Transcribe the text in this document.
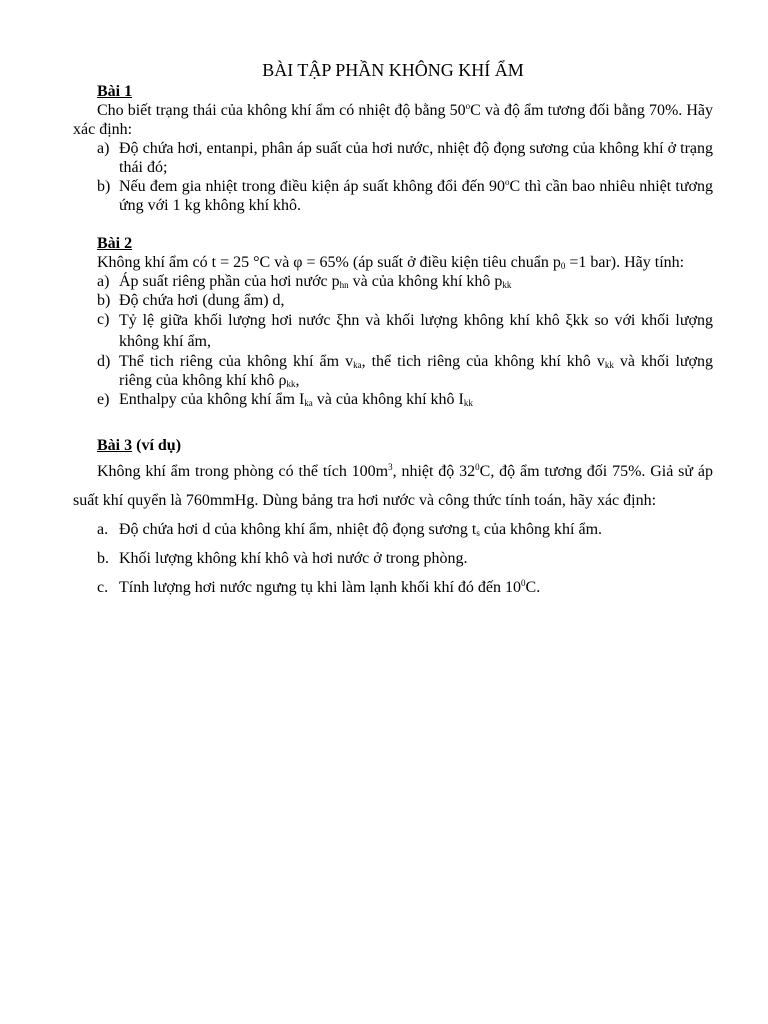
BÀI TẬP PHẦN KHÔNG KHÍ ẨM
Bài 1
Cho biết trạng thái của không khí ẩm có nhiệt độ bằng 50$^o$C và độ ẩm tương đối bằng 70%. Hãy xác định:
a) Độ chứa hơi, entanpi, phân áp suất của hơi nước, nhiệt độ đọng sương của không khí ở trạng thái đó;
b) Nếu đem gia nhiệt trong điều kiện áp suất không đổi đến 90$^o$C thì cần bao nhiêu nhiệt tương ứng với 1 kg không khí khô.
Bài 2
Không khí ẩm có t = 25 °C và φ = 65% (áp suất ở điều kiện tiêu chuẩn $p_0 =1$ bar). Hãy tính:
a) Áp suất riêng phần của hơi nước $p_{hn}$ và của không khí khô $p_{kk}$
b) Độ chứa hơi (dung ẩm) d,
c) Tỷ lệ giữa khối lượng hơi nước ξhn và khối lượng không khí khô ξkk so với khối lượng không khí ẩm,
d) Thể tich riêng của không khí ẩm $v_{ka}$, thể tich riêng của không khí khô $v_{kk}$ và khối lượng riêng của không khí khô $\rho_{kk}$,
e) Enthalpy của không khí ẩm $I_{ka}$ và của không khí khô $I_{kk}$
Bài 3 (ví dụ)
Không khí ẩm trong phòng có thể tích $100m^3$, nhiệt độ $32^0C$, độ ẩm tương đối 75%. Giả sử áp suất khí quyển là 760mmHg. Dùng bảng tra hơi nước và công thức tính toán, hãy xác định:
a. Độ chứa hơi d của không khí ẩm, nhiệt độ đọng sương $t_s$ của không khí ẩm.
b. Khối lượng không khí khô và hơi nước ở trong phòng.
c. Tính lượng hơi nước ngưng tụ khi làm lạnh khối khí đó đến $10^0C$.
